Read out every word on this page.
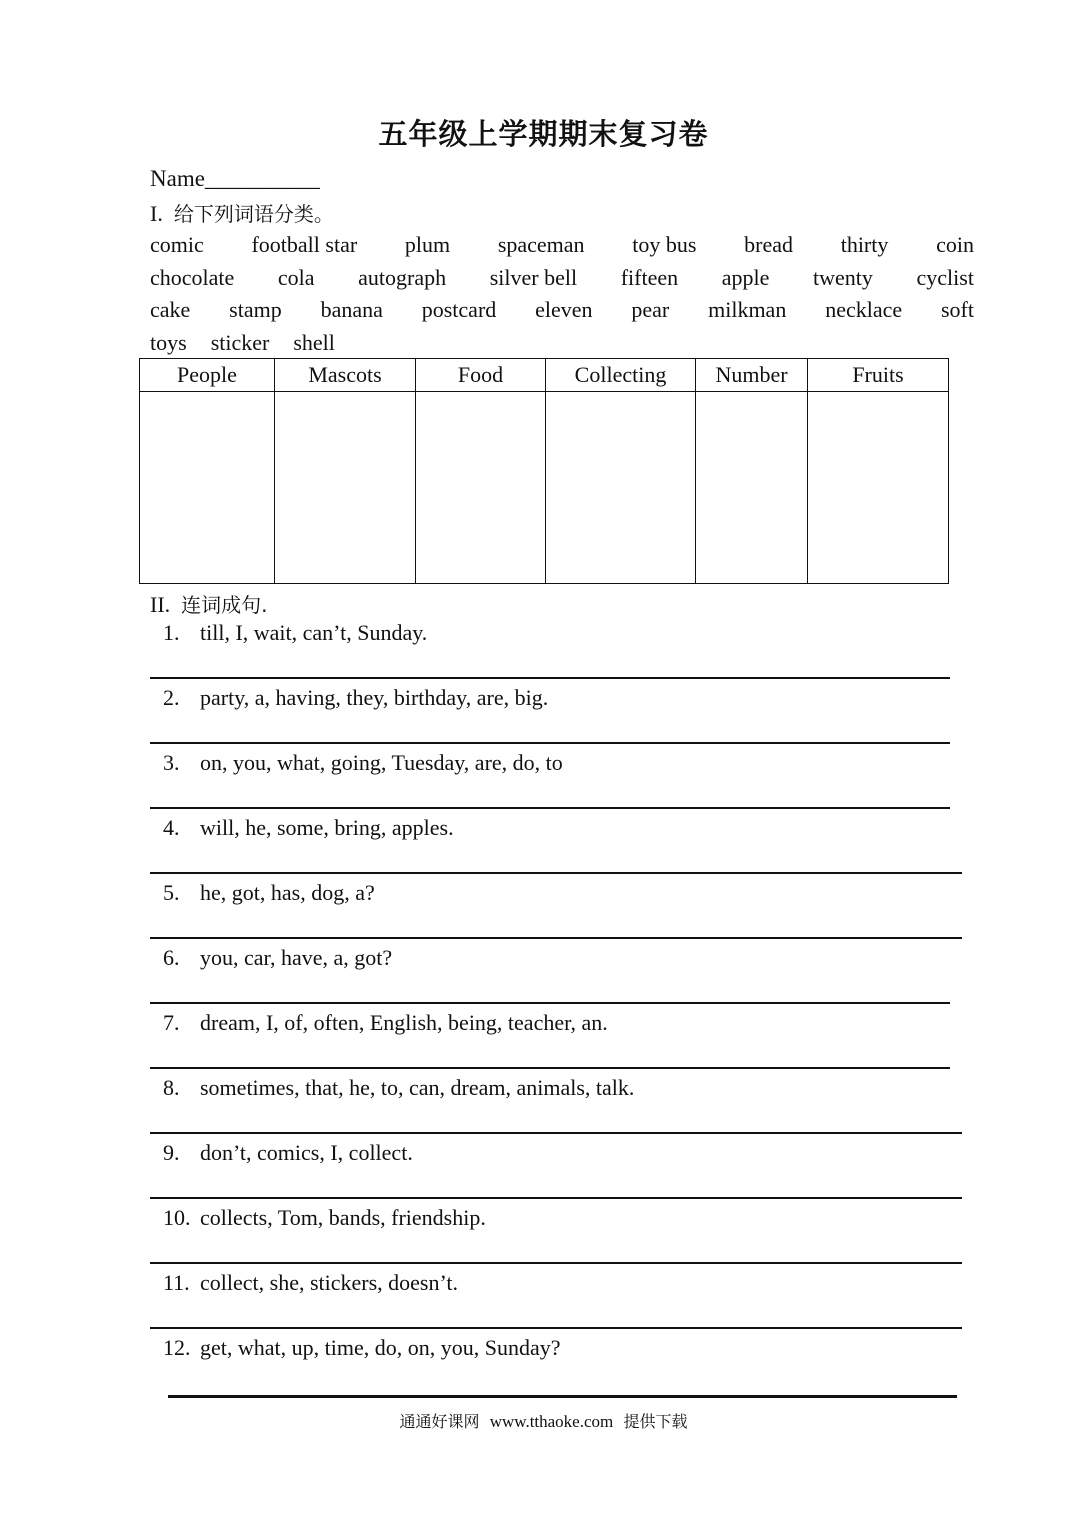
五年级上学期期末复习卷
Name__________
I. 给下列词语分类。
comic football star plum spaceman toy bus bread thirty coin
chocolate cola autograph silver bell fifteen apple twenty cyclist
cake stamp banana postcard eleven pear milkman necklace soft
toys sticker shell
People	Mascots	Food	Collecting	Number	Fruits

II. 连词成句.
1. till, I, wait, can’t, Sunday.
2. party, a, having, they, birthday, are, big.
3. on, you, what, going, Tuesday, are, do, to
4. will, he, some, bring, apples.
5. he, got, has, dog, a?
6. you, car, have, a, got?
7. dream, I, of, often, English, being, teacher, an.
8. sometimes, that, he, to, can, dream, animals, talk.
9. don’t, comics, I, collect.
10. collects, Tom, bands, friendship.
11. collect, she, stickers, doesn’t.
12. get, what, up, time, do, on, you, Sunday?
通通好课网 www.tthaoke.com 提供下载
